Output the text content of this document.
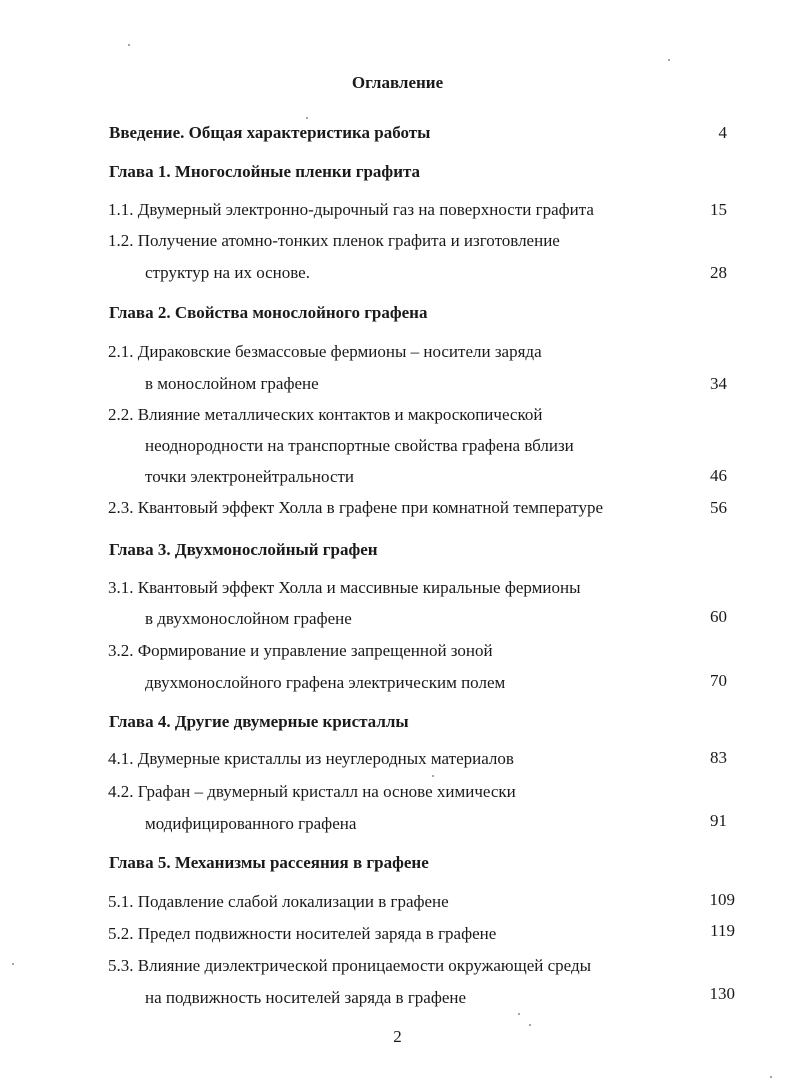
Оглавление
Введение. Общая характеристика работы	4
Глава 1. Многослойные пленки графита
1.1. Двумерный электронно-дырочный газ на поверхности графита	15
1.2. Получение атомно-тонких пленок графита и изготовление
структур на их основе.	28
Глава 2. Свойства монослойного графена
2.1. Дираковские безмассовые фермионы – носители заряда
в монослойном графене	34
2.2. Влияние металлических контактов и макроскопической
неоднородности на транспортные свойства графена вблизи
точки электронейтральности	46
2.3. Квантовый эффект Холла в графене при комнатной температуре	56
Глава 3. Двухмонослойный графен
3.1. Квантовый эффект Холла и массивные киральные фермионы
в двухмонослойном графене	60
3.2. Формирование и управление запрещенной зоной
двухмонослойного графена электрическим полем	70
Глава 4. Другие двумерные кристаллы
4.1. Двумерные кристаллы из неуглеродных материалов	83
4.2. Графан – двумерный кристалл на основе химически
модифицированного графена	91
Глава 5. Механизмы рассеяния в графене
5.1. Подавление слабой локализации в графене	109
5.2. Предел подвижности носителей заряда в графене	119
5.3. Влияние диэлектрической проницаемости окружающей среды
на подвижность носителей заряда в графене	130
2
